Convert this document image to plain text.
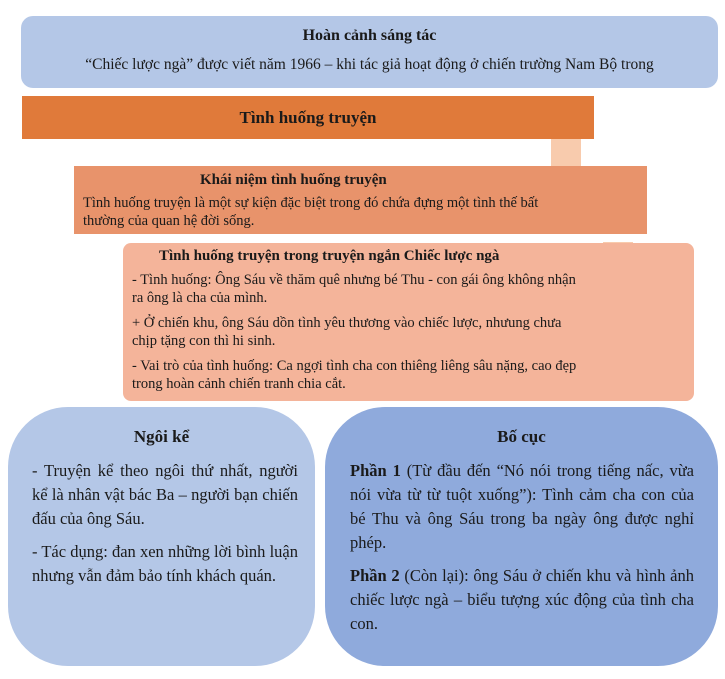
Hoàn cảnh sáng tác
“Chiếc lược ngà” được viết năm 1966 – khi tác giả hoạt động ở chiến trường Nam Bộ trong
Tình huống truyện
Khái niệm tình huống truyện
Tình huống truyện là một sự kiện đặc biệt trong đó chứa đựng một tình thế bất thường của quan hệ đời sống.
Tình huống truyện trong truyện ngắn Chiếc lược ngà

- Tình huống: Ông Sáu về thăm quê nhưng bé Thu - con gái ông không nhận ra ông là cha của mình.

+ Ở chiến khu, ông Sáu dồn tình yêu thương vào chiếc lược, nhưung chưa chịp tặng con thì hi sinh.

- Vai trò của tình huống: Ca ngợi tình cha con thiêng liêng sâu nặng, cao đẹp trong hoàn cảnh chiến tranh chia cắt.

Ngôi kể

- Truyện kể theo ngôi thứ nhất, người kể là nhân vật bác Ba – người bạn chiến đấu của ông Sáu.

- Tác dụng: đan xen những lời bình luận nhưng vẫn đảm bảo tính khách quán.

Bố cục

Phần 1 (Từ đầu đến “Nó nói trong tiếng nấc, vừa nói vừa từ từ tuột xuống”): Tình cảm cha con của bé Thu và ông Sáu trong ba ngày ông được nghỉ phép.

Phần 2 (Còn lại): ông Sáu ở chiến khu và hình ảnh chiếc lược ngà – biểu tượng xúc động của tình cha con.
